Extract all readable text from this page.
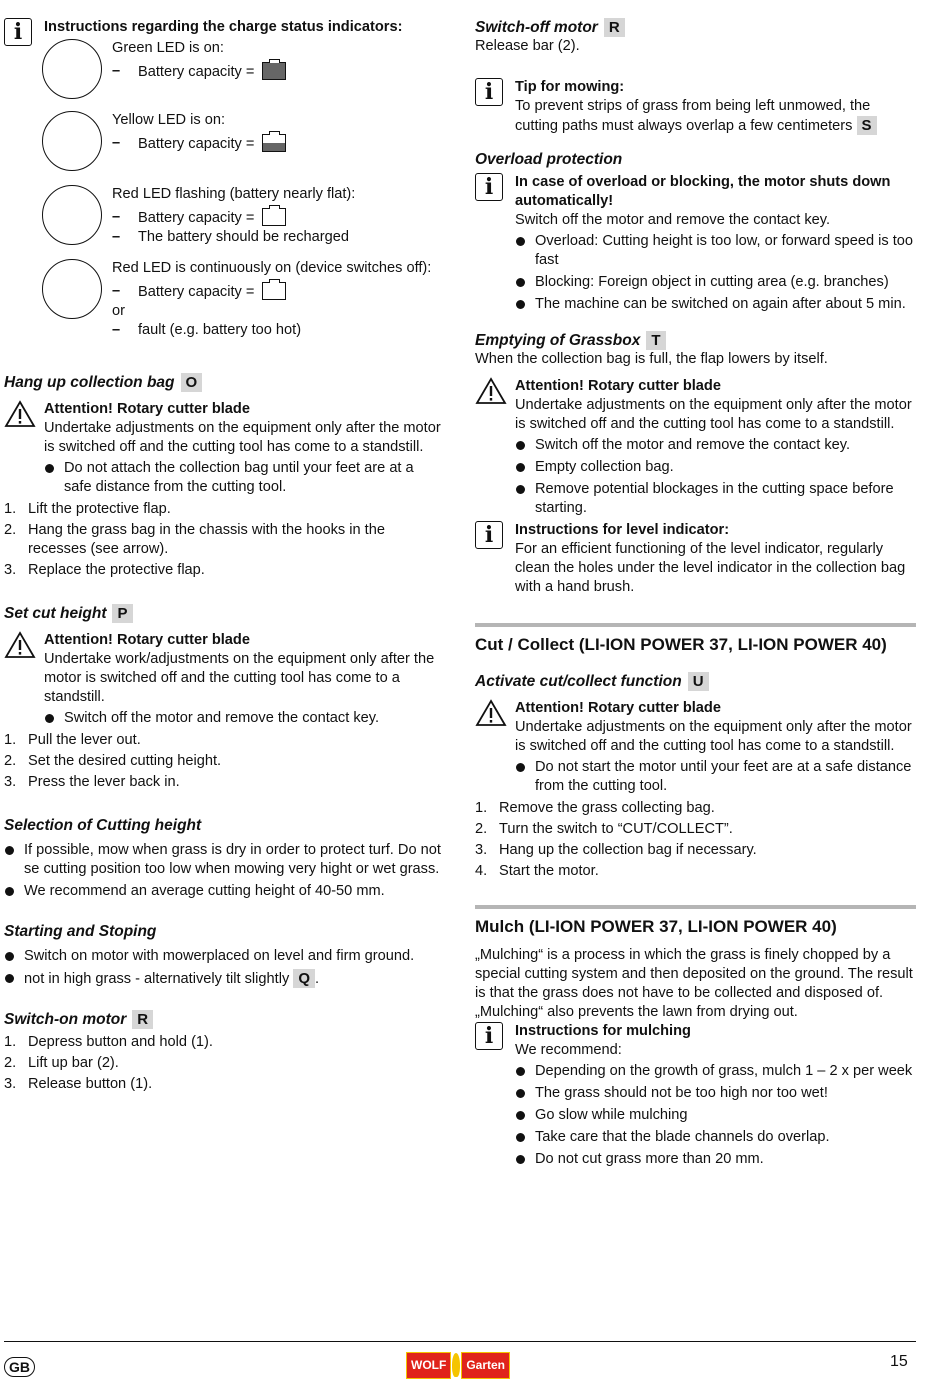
i	Instructions regarding the charge status indicators:
Green LED is on:
– Battery capacity =
Yellow LED is on:
– Battery capacity =
Red LED flashing (battery nearly flat):
– Battery capacity =
– The battery should be recharged
Red LED is continuously on (device switches off):
– Battery capacity =
or
– fault (e.g. battery too hot)
Hang up collection bag O
Attention! Rotary cutter blade
Undertake adjustments on the equipment only after the motor is switched off and the cutting tool has come to a standstill.
Do not attach the collection bag until your feet are at a safe distance from the cutting tool.
1. Lift the protective flap.
2. Hang the grass bag in the chassis with the hooks in the recesses (see arrow).
3. Replace the protective flap.
Set cut height P
Attention! Rotary cutter blade
Undertake work/adjustments on the equipment only after the motor is switched off and the cutting tool has come to a standstill.
Switch off the motor and remove the contact key.
1. Pull the lever out.
2. Set the desired cutting height.
3. Press the lever back in.
Selection of Cutting height
If possible, mow when grass is dry in order to protect turf. Do not se cutting position too low when mowing very hight or wet grass.
We recommend an average cutting height of 40-50 mm.
Starting and Stoping
Switch on motor with mowerplaced on level and firm ground.
not in high grass - alternatively tilt slightly Q .
Switch-on motor R
1. Depress button and hold (1).
2. Lift up bar (2).
3. Release button (1).
Switch-off motor R
Release bar (2).
i	Tip for mowing:
To prevent strips of grass from being left unmowed, the cutting paths must always overlap a few centimeters S
Overload protection
i	In case of overload or blocking, the motor shuts down automatically!
Switch off the motor and remove the contact key.
Overload: Cutting height is too low, or forward speed is too fast
Blocking: Foreign object in cutting area (e.g. branches)
The machine can be switched on again after about 5 min.
Emptying of Grassbox T
When the collection bag is full, the flap lowers by itself.
Attention! Rotary cutter blade
Undertake adjustments on the equipment only after the motor is switched off and the cutting tool has come to a standstill.
Switch off the motor and remove the contact key.
Empty collection bag.
Remove potential blockages in the cutting space before starting.
i	Instructions for level indicator:
For an efficient functioning of the level indicator, regularly clean the holes under the level indicator in the collection bag with a hand brush.
Cut / Collect (LI-ION POWER 37, LI-ION POWER 40)
Activate cut/collect function U
Attention! Rotary cutter blade
Undertake adjustments on the equipment only after the motor is switched off and the cutting tool has come to a standstill.
Do not start the motor until your feet are at a safe distance from the cutting tool.
1. Remove the grass collecting bag.
2. Turn the switch to “CUT/COLLECT”.
3. Hang up the collection bag if necessary.
4. Start the motor.
Mulch (LI-ION POWER 37, LI-ION POWER 40)
„Mulching“ is a process in which the grass is finely chopped by a special cutting system and then deposited on the ground. The result is that the grass does not have to be collected and disposed of. „Mulching“ also prevents the lawn from drying out.
i	Instructions for mulching
We recommend:
Depending on the growth of grass, mulch 1 – 2 x per week
The grass should not be too high nor too wet!
Go slow while mulching
Take care that the blade channels do overlap.
Do not cut grass more than 20 mm.
GB	WOLF	Garten	15
